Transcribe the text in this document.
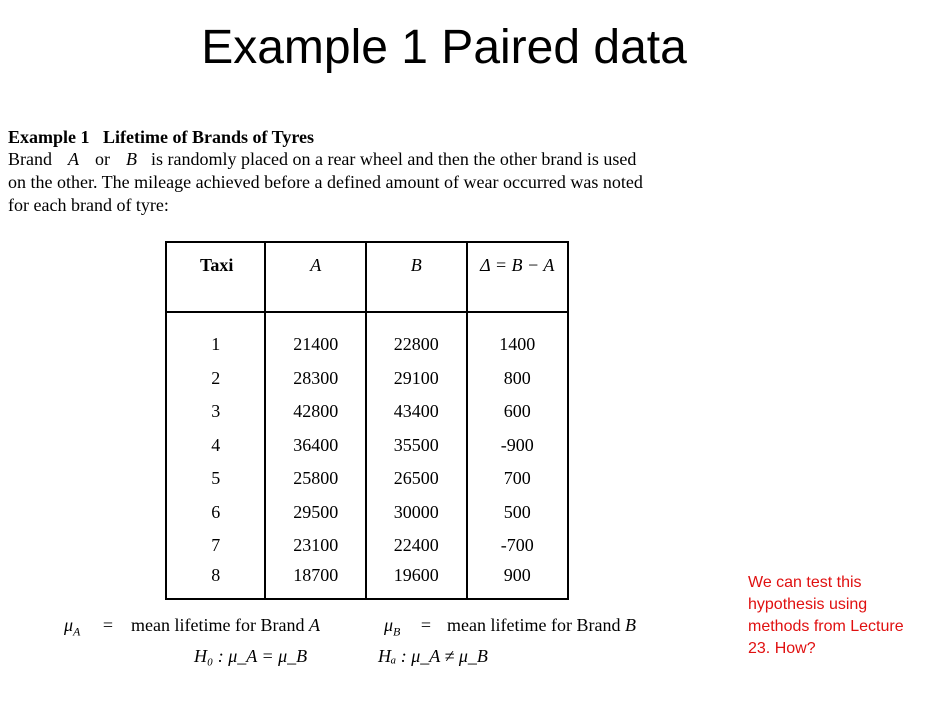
Example 1 Paired data
Example 1   Lifetime of Brands of Tyres
Brand A or B is randomly placed on a rear wheel and then the other brand is used
on the other. The mileage achieved before a defined amount of wear occurred was noted
for each brand of tyre:
Taxi	A	B	Δ = B − A

1	21400	22800	1400
2	28300	29100	800
3	42800	43400	600
4	36400	35500	-900
5	25800	26500	700
6	29500	30000	500
7	23100	22400	-700
8	18700	19600	900
$\mu_A$ = mean lifetime for Brand A	$\mu_B$ = mean lifetime for Brand B
H₀ : μ_A = μ_B	Hₐ : μ_A ≠ μ_B
We can test this hypothesis using methods from Lecture 23. How?
